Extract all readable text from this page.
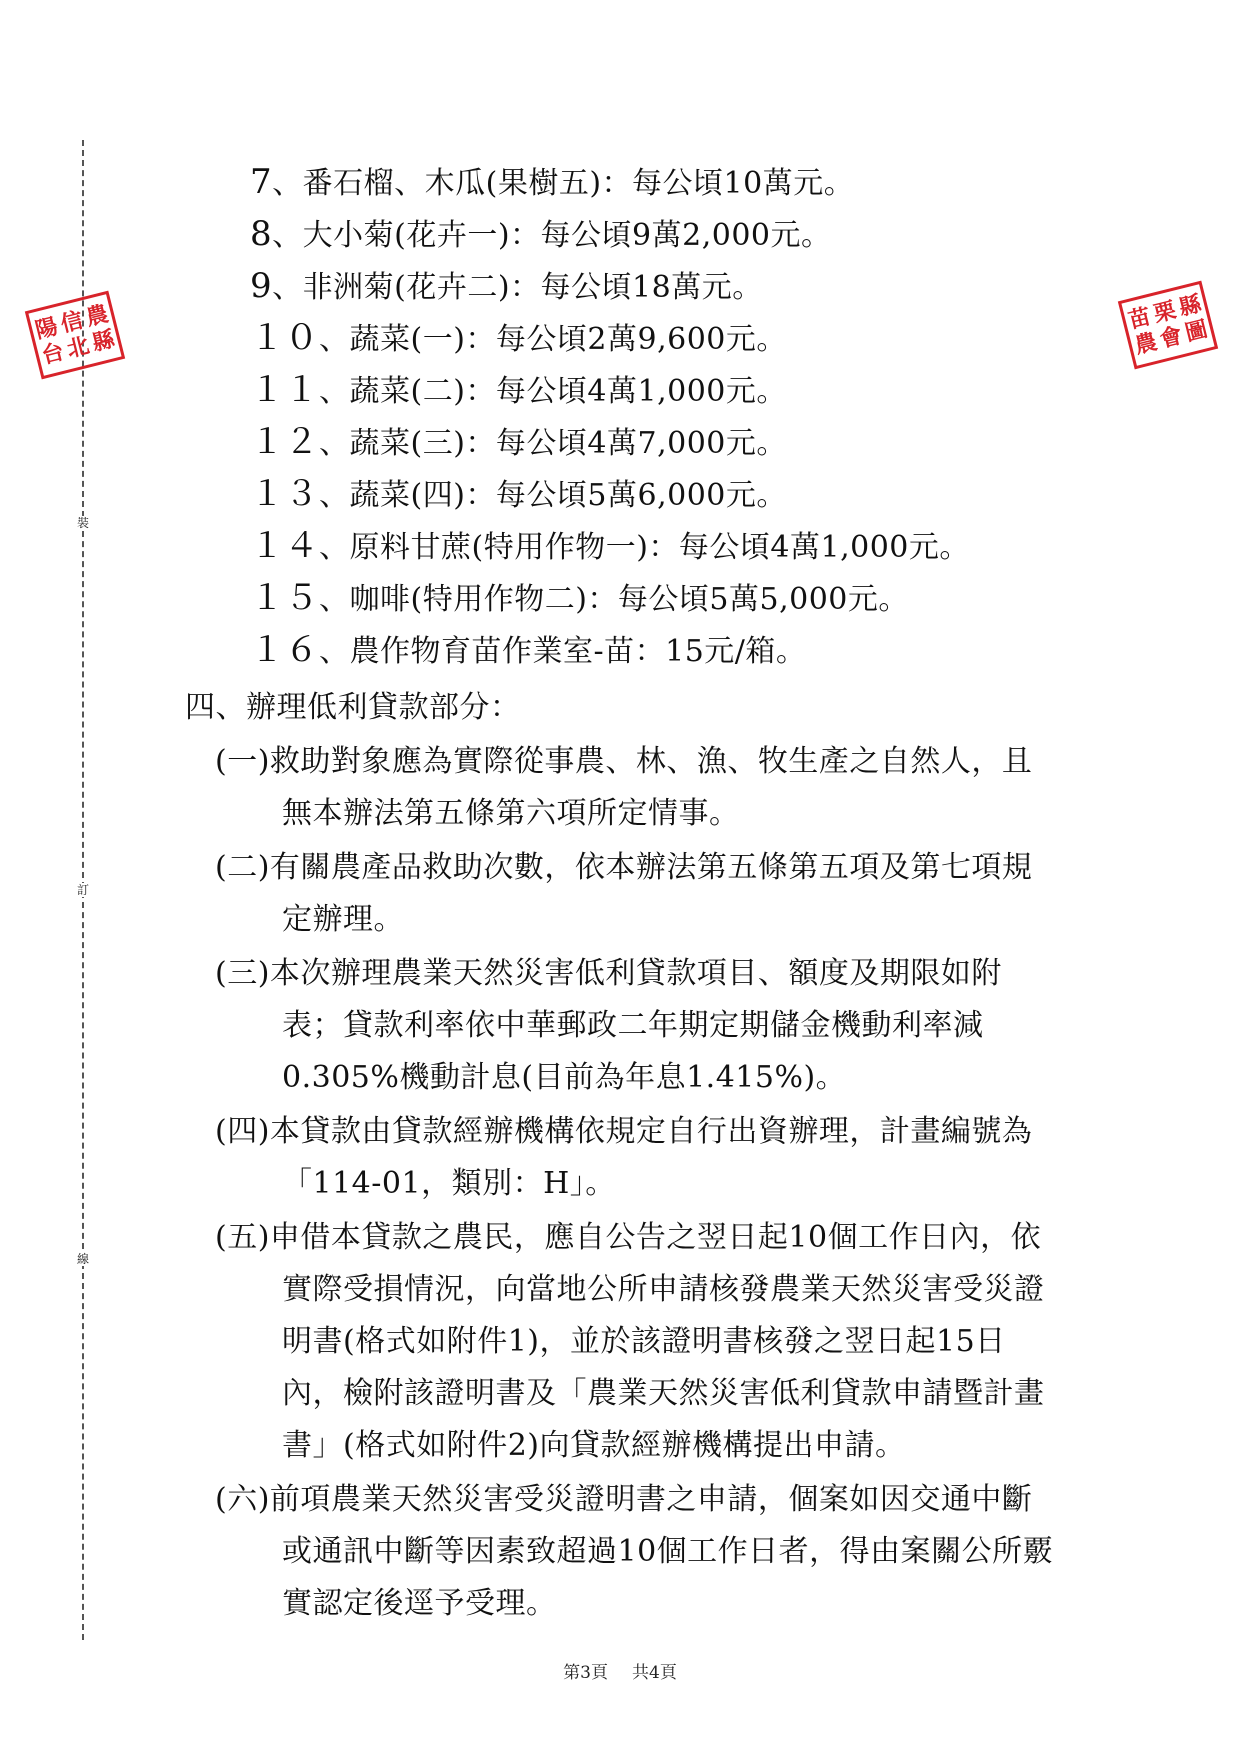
裝
訂
線
陽
信
農
台
北
縣
苗
栗
縣
農
會
圖
7、番石榴、木瓜(果樹五)：每公頃10萬元。
8、大小菊(花卉一)：每公頃9萬2,000元。
9、非洲菊(花卉二)：每公頃18萬元。
１０、蔬菜(一)：每公頃2萬9,600元。
１１、蔬菜(二)：每公頃4萬1,000元。
１２、蔬菜(三)：每公頃4萬7,000元。
１３、蔬菜(四)：每公頃5萬6,000元。
１４、原料甘蔗(特用作物一)：每公頃4萬1,000元。
１５、咖啡(特用作物二)：每公頃5萬5,000元。
１６、農作物育苗作業室-苗：15元/箱。
四、辦理低利貸款部分：
(一)救助對象應為實際從事農、林、漁、牧生產之自然人，且
無本辦法第五條第六項所定情事。
(二)有關農產品救助次數，依本辦法第五條第五項及第七項規
定辦理。
(三)本次辦理農業天然災害低利貸款項目、額度及期限如附
表；貸款利率依中華郵政二年期定期儲金機動利率減
0.305%機動計息(目前為年息1.415%)。
(四)本貸款由貸款經辦機構依規定自行出資辦理，計畫編號為
「114-01，類別：H」。
(五)申借本貸款之農民，應自公告之翌日起10個工作日內，依
實際受損情況，向當地公所申請核發農業天然災害受災證
明書(格式如附件1)，並於該證明書核發之翌日起15日
內，檢附該證明書及「農業天然災害低利貸款申請暨計畫
書」(格式如附件2)向貸款經辦機構提出申請。
(六)前項農業天然災害受災證明書之申請，個案如因交通中斷
或通訊中斷等因素致超過10個工作日者，得由案關公所覈
實認定後逕予受理。
第3頁 共4頁
